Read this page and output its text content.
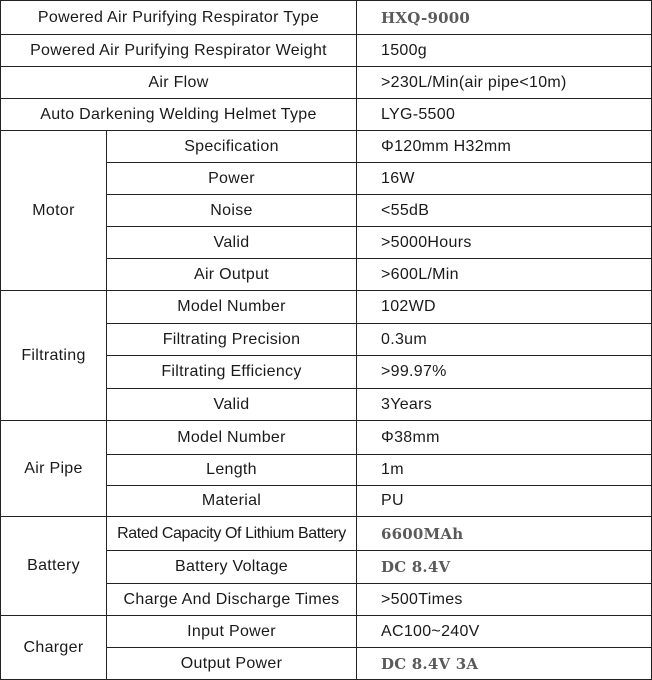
Powered Air Purifying Respirator Type		HXQ-9000
Powered Air Purifying Respirator Weight		1500g
Air Flow		>230L/Min(air pipe<10m)
Auto Darkening Welding Helmet Type		LYG-5500
Motor	Specification	Φ120mm H32mm
	Power	16W
	Noise	<55dB
	Valid	>5000Hours
	Air Output	>600L/Min
Filtrating	Model Number	102WD
	Filtrating Precision	0.3um
	Filtrating Efficiency	>99.97%
	Valid	3Years
Air Pipe	Model Number	Φ38mm
	Length	1m
	Material	PU
Battery	Rated Capacity Of Lithium Battery	6600MAh
	Battery Voltage	DC 8.4V
	Charge And Discharge Times	>500Times
Charger	Input Power	AC100~240V
	Output Power	DC 8.4V 3A
